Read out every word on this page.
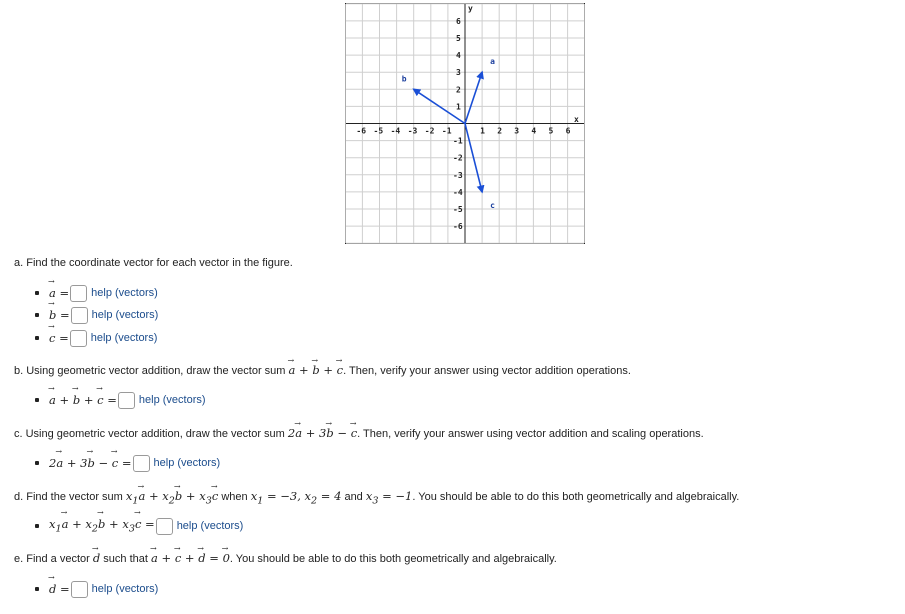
x
y
-6 -5 -4 -3 -2 -1	1 2 3 4 5 6
6
5
4
3
2
1
-1
-2
-3
-4
-5
-6
a
b
c
a. Find the coordinate vector for each vector in the figure.
→ a = help (vectors)
→ b = help (vectors)
→ c = help (vectors)
b. Using geometric vector addition, draw the vector sum → a + → b + → c. Then, verify your answer using vector addition operations.
→ a + → b + → c = help (vectors)
c. Using geometric vector addition, draw the vector sum 2→ a + 3→ b − → c. Then, verify your answer using vector addition and scaling operations.
2→ a + 3→ b − → c = help (vectors)
d. Find the vector sum $x_1\to a + x_2\to b + x_3\to c$ when $x_1 = -3$, $x_2 = 4$ and $x_3 = -1$. You should be able to do this both geometrically and algebraically.
$x_1\to a + x_2\to b + x_3\to c$ = help (vectors)
e. Find a vector → d such that → a + → c + → d = → 0. You should be able to do this both geometrically and algebraically.
→ d = help (vectors)
